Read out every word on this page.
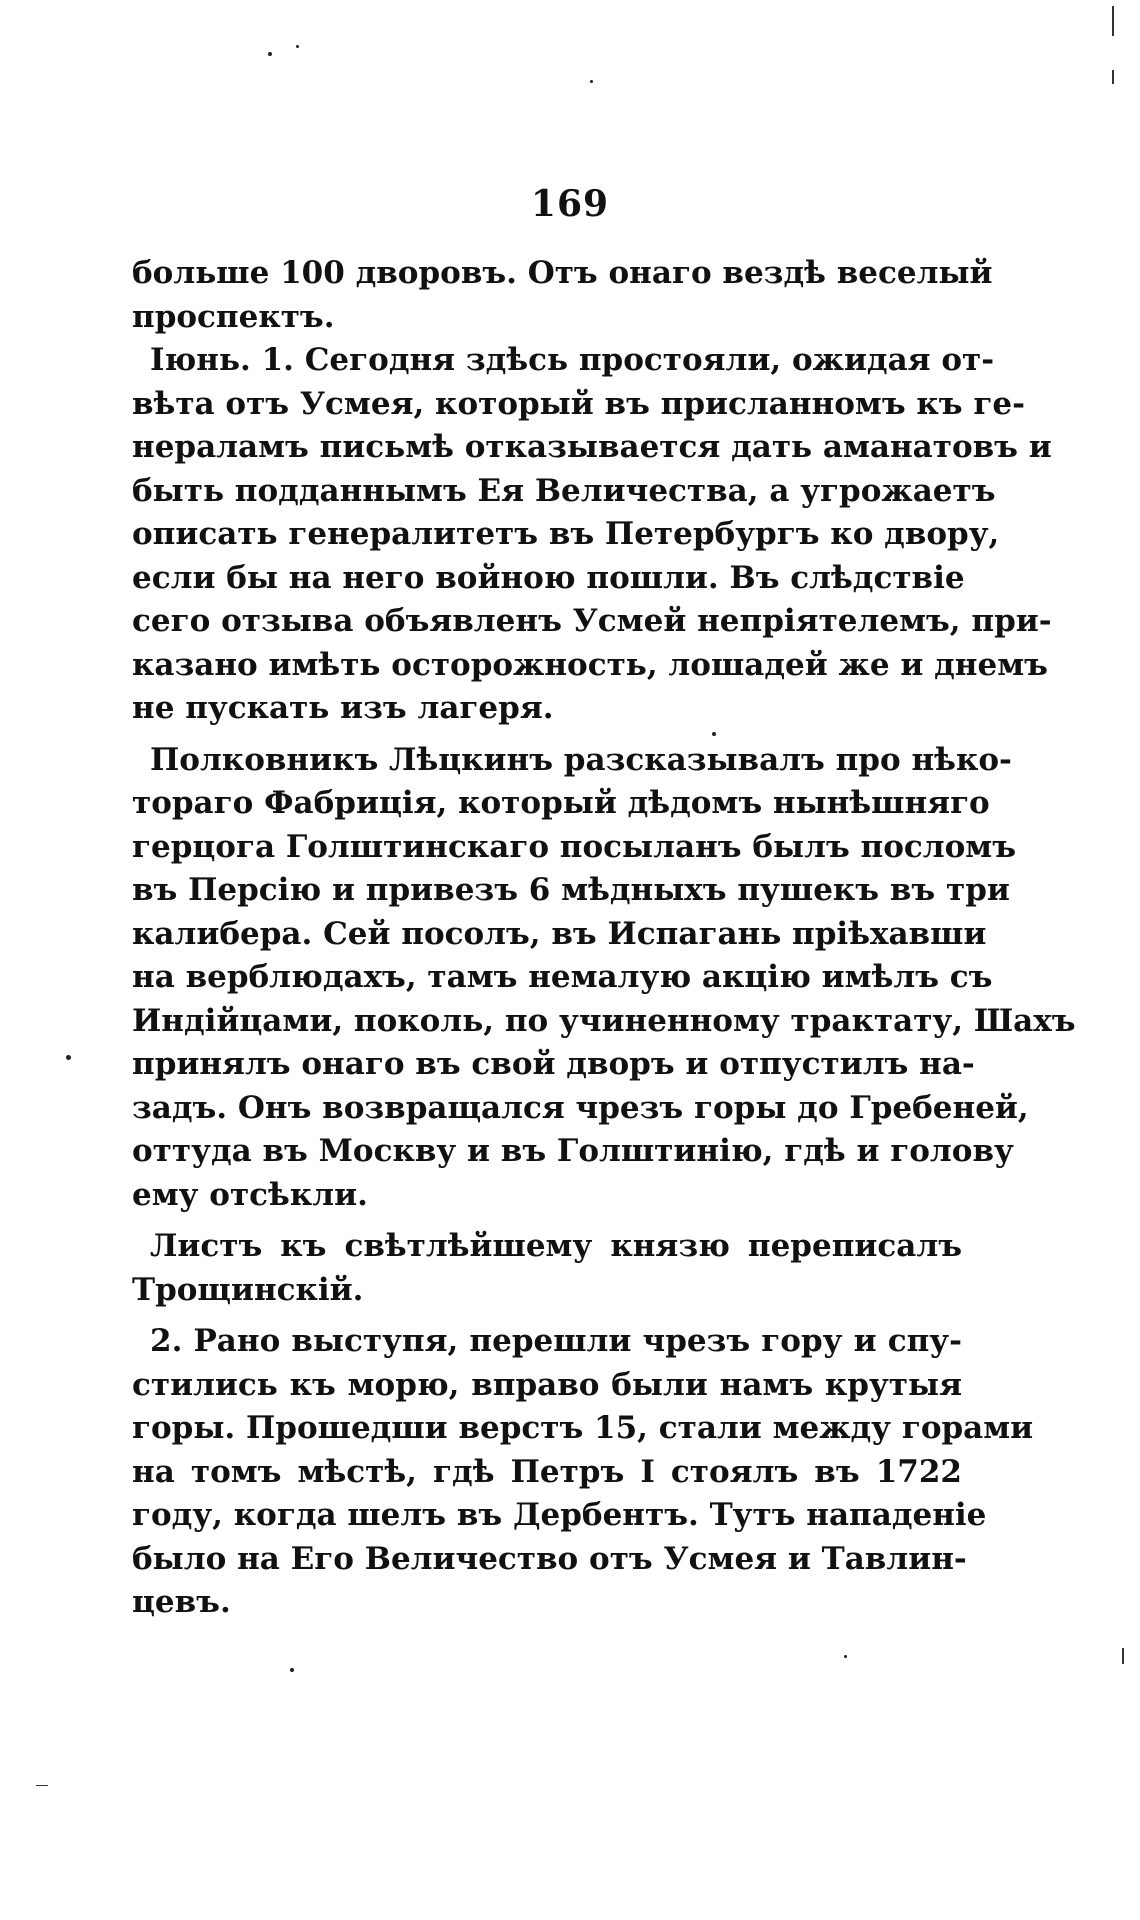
169
больше 100 дворовъ. Отъ онаго вездѣ веселый
проспектъ.
Iюнь. 1. Сегодня здѣсь простояли, ожидая от-
вѣта отъ Усмея, который въ присланномъ къ ге-
нераламъ письмѣ отказывается дать аманатовъ и
быть подданнымъ Ея Величества, а угрожаетъ
описать генералитетъ въ Петербургъ ко двору,
если бы на него войною пошли. Въ слѣдствіе
сего отзыва объявленъ Усмей непріятелемъ, при-
казано имѣть осторожность, лошадей же и днемъ
не пускать изъ лагеря.
Полковникъ Лѣцкинъ разсказывалъ про нѣко-
тораго Фабриція, который дѣдомъ нынѣшняго
герцога Голштинскаго посыланъ былъ посломъ
въ Персію и привезъ 6 мѣдныхъ пушекъ въ три
калибера. Сей посолъ, въ Испагань пріѣхавши
на верблюдахъ, тамъ немалую акцію имѣлъ съ
Индійцами, поколь, по учиненному трактату, Шахъ
принялъ онаго въ свой дворъ и отпустилъ на-
задъ. Онъ возвращался чрезъ горы до Гребеней,
оттуда въ Москву и въ Голштинію, гдѣ и голову
ему отсѣкли.
Листъ къ свѣтлѣйшему князю переписалъ
Трощинскій.
2. Рано выступя, перешли чрезъ гору и спу-
стились къ морю, вправо были намъ крутыя
горы. Прошедши верстъ 15, стали между горами
на томъ мѣстѣ, гдѣ Петръ I стоялъ въ 1722
году, когда шелъ въ Дербентъ. Тутъ нападеніе
было на Его Величество отъ Усмея и Тавлин-
цевъ.
